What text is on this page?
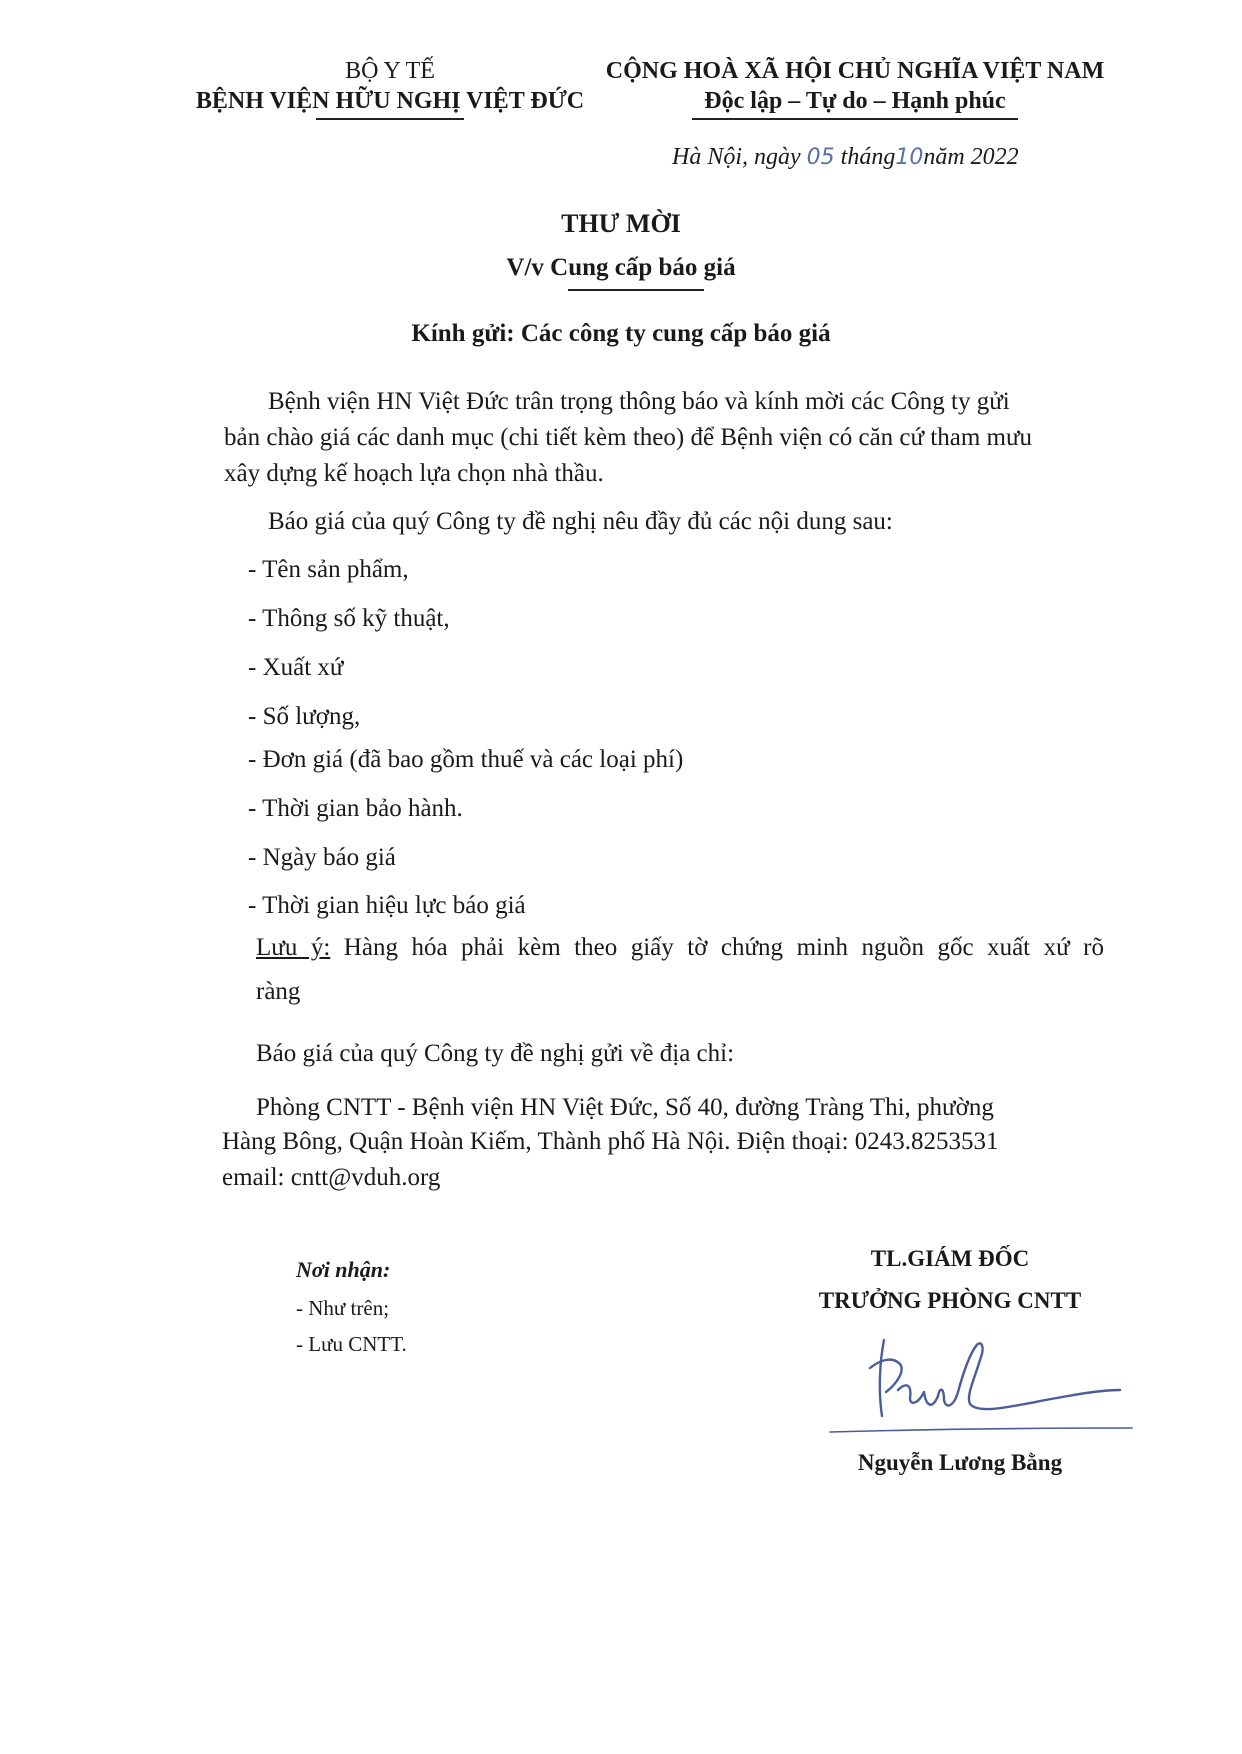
BỘ Y TẾ
BỆNH VIỆN HỮU NGHỊ VIỆT ĐỨC
CỘNG HOÀ XÃ HỘI CHỦ NGHĨA VIỆT NAM
Độc lập – Tự do – Hạnh phúc
Hà Nội, ngày 05 tháng10năm 2022
THƯ MỜI
V/v Cung cấp báo giá
Kính gửi: Các công ty cung cấp báo giá
Bệnh viện HN Việt Đức trân trọng thông báo và kính mời các Công ty gửi
bản chào giá các danh mục (chi tiết kèm theo) để Bệnh viện có căn cứ tham mưu
xây dựng kế hoạch lựa chọn nhà thầu.
Báo giá của quý Công ty đề nghị nêu đầy đủ các nội dung sau:
- Tên sản phẩm,
- Thông số kỹ thuật,
- Xuất xứ
- Số lượng,
- Đơn giá (đã bao gồm thuế và các loại phí)
- Thời gian bảo hành.
- Ngày báo giá
- Thời gian hiệu lực báo giá
Lưu ý: Hàng hóa phải kèm theo giấy tờ chứng minh nguồn gốc xuất xứ rõ
ràng
Báo giá của quý Công ty đề nghị gửi về địa chỉ:
Phòng CNTT - Bệnh viện HN Việt Đức, Số 40, đường Tràng Thi, phường
Hàng Bông, Quận Hoàn Kiếm, Thành phố Hà Nội. Điện thoại: 0243.8253531
email: cntt@vduh.org
Nơi nhận:
- Như trên;
- Lưu CNTT.
TL.GIÁM ĐỐC
TRƯỞNG PHÒNG CNTT
Nguyễn Lương Bằng
